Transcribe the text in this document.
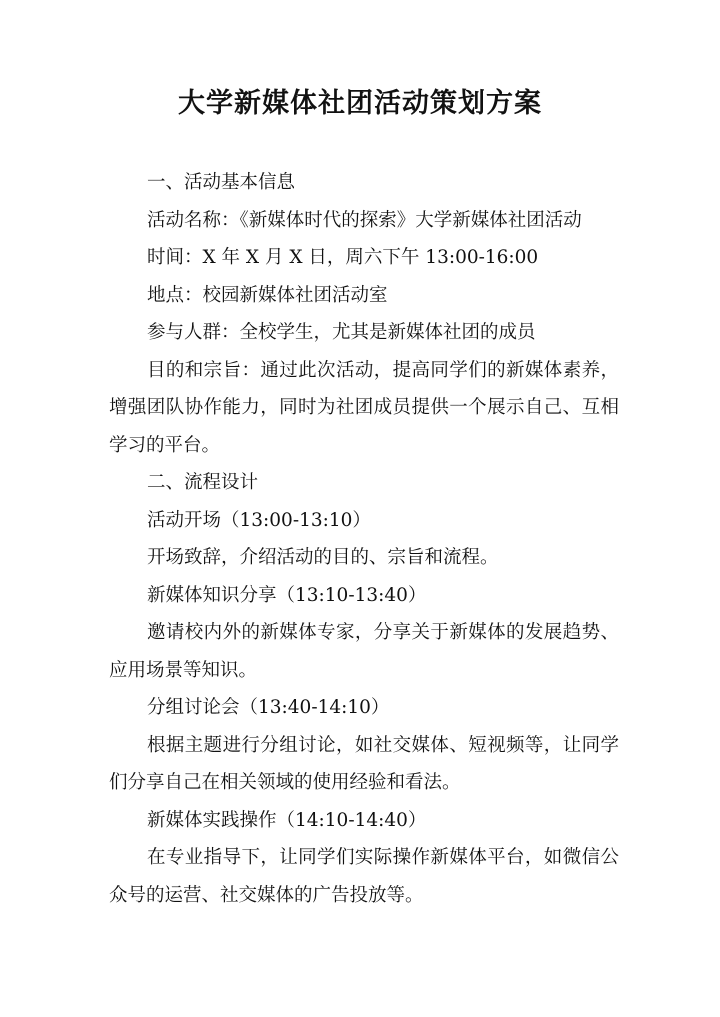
大学新媒体社团活动策划方案

一、活动基本信息

活动名称：《新媒体时代的探索》大学新媒体社团活动

时间：X 年 X 月 X 日，周六下午 13:00-16:00

地点：校园新媒体社团活动室

参与人群：全校学生，尤其是新媒体社团的成员

目的和宗旨：通过此次活动，提高同学们的新媒体素养，增强团队协作能力，同时为社团成员提供一个展示自己、互相学习的平台。

二、流程设计

活动开场（13:00-13:10）

开场致辞，介绍活动的目的、宗旨和流程。

新媒体知识分享（13:10-13:40）

邀请校内外的新媒体专家，分享关于新媒体的发展趋势、应用场景等知识。

分组讨论会（13:40-14:10）

根据主题进行分组讨论，如社交媒体、短视频等，让同学们分享自己在相关领域的使用经验和看法。

新媒体实践操作（14:10-14:40）

在专业指导下，让同学们实际操作新媒体平台，如微信公众号的运营、社交媒体的广告投放等。
